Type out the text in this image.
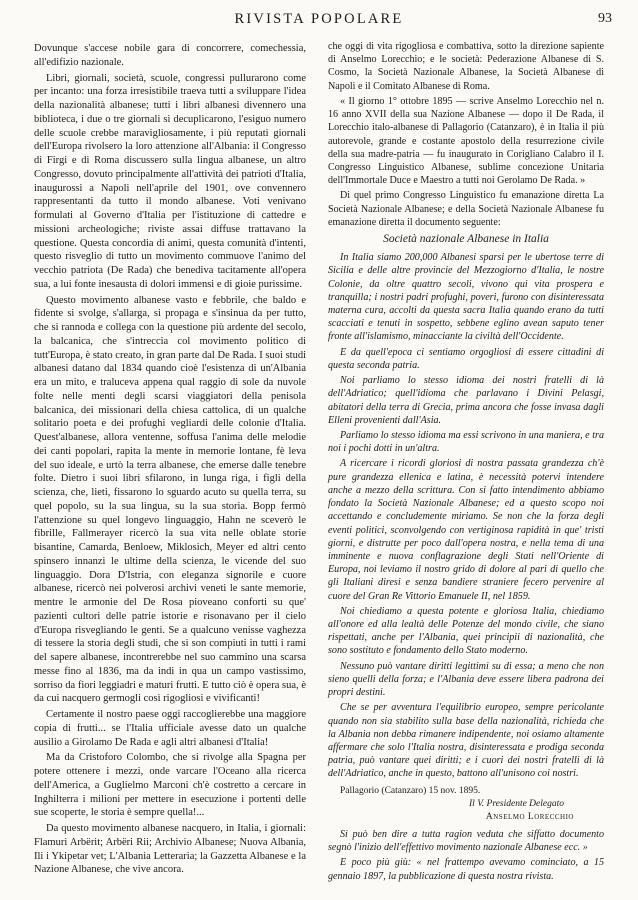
RIVISTA POPOLARE	93

Dovunque s'accese nobile gara di concorrere, comechessia, all'edifizio nazionale.

Libri, giornali, società, scuole, congressi pullurarono come per incanto: una forza irresistibile traeva tutti a sviluppare l'idea della nazionalità albanese; tutti i libri albanesi divennero una biblioteca, i due o tre giornali si decuplicarono, l'esiguo numero delle scuole crebbe maravigliosamente, i più reputati giornali dell'Europa rivolsero la loro attenzione all'Albania: il Congresso di Firgi e di Roma discussero sulla lingua albanese, un altro Congresso, dovuto principalmente all'attività dei patrioti d'Italia, inaugurossi a Napoli nell'aprile del 1901, ove convennero rappresentanti da tutto il mondo albanese. Voti venivano formulati al Governo d'Italia per l'istituzione di cattedre e missioni archeologiche; riviste assai diffuse trattavano la questione. Questa concordia di animi, questa comunità d'intenti, questo risveglio di tutto un movimento commuove l'animo del vecchio patriota (De Rada) che benediva tacitamente all'opera sua, a lui fonte inesausta di dolori immensi e di gioie purissime.

Questo movimento albanese vasto e febbrile, che baldo e fidente si svolge, s'allarga, si propaga e s'insinua da per tutto, che si rannoda e collega con la questione più ardente del secolo, la balcanica, che s'intreccia col movimento politico di tutt'Europa, è stato creato, in gran parte dal De Rada. I suoi studi albanesi datano dal 1834 quando cioè l'esistenza di un'Albania era un mito, e traluceva appena qual raggio di sole da nuvole folte nelle menti degli scarsi viaggiatori della penisola balcanica, dei missionari della chiesa cattolica, di un qualche solitario poeta e dei profughi vegliardi delle colonie d'Italia. Quest'albanese, allora ventenne, soffusa l'anima delle melodie dei canti popolari, rapita la mente in memorie lontane, fè leva del suo ideale, e urtò la terra albanese, che emerse dalle tenebre folte. Dietro i suoi libri sfilarono, in lunga riga, i figli della scienza, che, lieti, fissarono lo sguardo acuto su quella terra, su quel popolo, su la sua lingua, su la sua storia. Bopp fermò l'attenzione su quel longevo linguaggio, Hahn ne sceverò le fibrille, Fallmerayer ricercò la sua vita nelle oblate storie bisantine, Camarda, Benloew, Miklosich, Meyer ed altri cento spinsero innanzi le ultime della scienza, le vicende del suo linguaggio. Dora D'Istria, con eleganza signorile e cuore albanese, ricercò nei polverosi archivi veneti le sante memorie, mentre le armonie del De Rosa pioveano conforti su que' pazienti cultori delle patrie istorie e risonavano per il cielo d'Europa risvegliando le genti. Se a qualcuno venisse vaghezza di tessere la storia degli studi, che si son compiuti in tutti i rami del sapere albanese, incontrerebbe nel suo cammino una scarsa messe fino al 1836, ma da indi in qua un campo vastissimo, sorriso da fiori leggiadri e maturi frutti. E tutto ciò è opera sua, è da cui nacquero germogli così rigogliosi e vivificanti!

Certamente il nostro paese oggi raccoglierebbe una maggiore copia di frutti... se l'Italia ufficiale avesse dato un qualche ausilio a Girolamo De Rada e agli altri albanesi d'Italia!

Ma da Cristoforo Colombo, che si rivolge alla Spagna per potere ottenere i mezzi, onde varcare l'Oceano alla ricerca dell'America, a Guglielmo Marconi ch'è costretto a cercare in Inghilterra i milioni per mettere in esecuzione i portenti delle sue scoperte, le storia è sempre quella!...

Da questo movimento albanese nacquero, in Italia, i giornali: Flamuri Arbërit; Arbëri Rii; Archivio Albanese; Nuova Albania, Ili i Ykipetar vet; L'Albania Letteraria; la Gazzetta Albanese e la Nazione Albanese, che vive ancora.

che oggi di vita rigogliosa e combattiva, sotto la direzione sapiente di Anselmo Lorecchio; e le società: Pederazione Albanese di S. Cosmo, la Società Nazionale Albanese, la Società Albanese di Napoli e il Comitato Albanese di Roma.

« Il giorno 1° ottobre 1895 — scrive Anselmo Lorecchio nel n. 16 anno XVII della sua Nazione Albanese — dopo il De Rada, il Lorecchio italo-albanese di Pallagorio (Catanzaro), è in Italia il più autorevole, grande e costante apostolo della resurrezione civile della sua madre-patria — fu inaugurato in Corigliano Calabro il I. Congresso Linguistico Albanese, sublime concezione Unitaria dell'Immortale Duce e Maestro a tutti noi Gerolamo De Rada. »

Di quel primo Congresso Linguistico fu emanazione diretta La Società Nazionale Albanese; e della Società Nazionale Albanese fu emanazione diretta il documento seguente:

Società nazionale Albanese in Italia

In Italia siamo 200,000 Albanesi sparsi per le ubertose terre di Sicilia e delle altre provincie del Mezzogiorno d'Italia, le nostre Colonie, da oltre quattro secoli, vivono qui vita prospera e tranquilla; i nostri padri profughi, poveri, furono con disinteressata materna cura, accolti da questa sacra Italia quando erano da tutti scacciati e tenuti in sospetto, sebbene eglino avean saputo tener fronte all'islamismo, minacciante la civiltà dell'Occidente.

E da quell'epoca ci sentiamo orgogliosi di essere cittadini di questa seconda patria.

Noi parliamo lo stesso idioma dei nostri fratelli di là dell'Adriatico; quell'idioma che parlavano i Divini Pelasgi, abitatori della terra di Grecia, prima ancora che fosse invasa dagli Elleni provenienti dall'Asia.

Parliamo lo stesso idioma ma essi scrivono in una maniera, e tra noi i pochi dotti in un'altra.

A ricercare i ricordi gloriosi di nostra passata grandezza ch'è pure grandezza ellenica e latina, è necessità potervi intendere anche a mezzo della scrittura. Con si fatto intendimento abbiamo fondato la Società Nazionale Albanese; ed a questo scopo noi accettando e concludemente miriamo. Se non che la forza degli eventi politici, sconvolgendo con vertiginosa rapidità in que' tristi giorni, e distrutte per poco dall'opera nostra, e nella tema di una imminente e nuova conflagrazione degli Stati nell'Oriente di Europa, noi leviamo il nostro grido di dolore al pari di quello che gli Italiani diresi e senza bandiere straniere fecero pervenire al cuore del Gran Re Vittorio Emanuele II, nel 1859.

Noi chiediamo a questa potente e gloriosa Italia, chiediamo all'onore ed alla lealtà delle Potenze del mondo civile, che siano rispettati, anche per l'Albania, quei principii di nazionalità, che sono sostituto e fondamento dello Stato moderno.

Nessuno può vantare diritti legittimi su di essa; a meno che non sieno quelli della forza; e l'Albania deve essere libera padrona dei propri destini.

Che se per avventura l'equilibrio europeo, sempre pericolante quando non sia stabilito sulla base della nazionalità, richieda che la Albania non debba rimanere indipendente, noi osiamo altamente affermare che solo l'Italia nostra, disinteressata e prodiga seconda patria, può vantare quei diritti; e i cuori dei nostri fratelli di là dell'Adriatico, anche in questo, battono all'unisono coi nostri.

Pallagorio (Catanzaro) 15 nov. 1895.
Il V. Presidente Delegato
Anselmo Lorecchio

Si può ben dire a tutta ragion veduta che siffatto documento segnò l'inizio dell'effettivo movimento nazionale Albanese ecc. »

E poco più giù: « nel frattempo avevamo cominciato, a 15 gennaio 1897, la pubblicazione di questa nostra rivista.
